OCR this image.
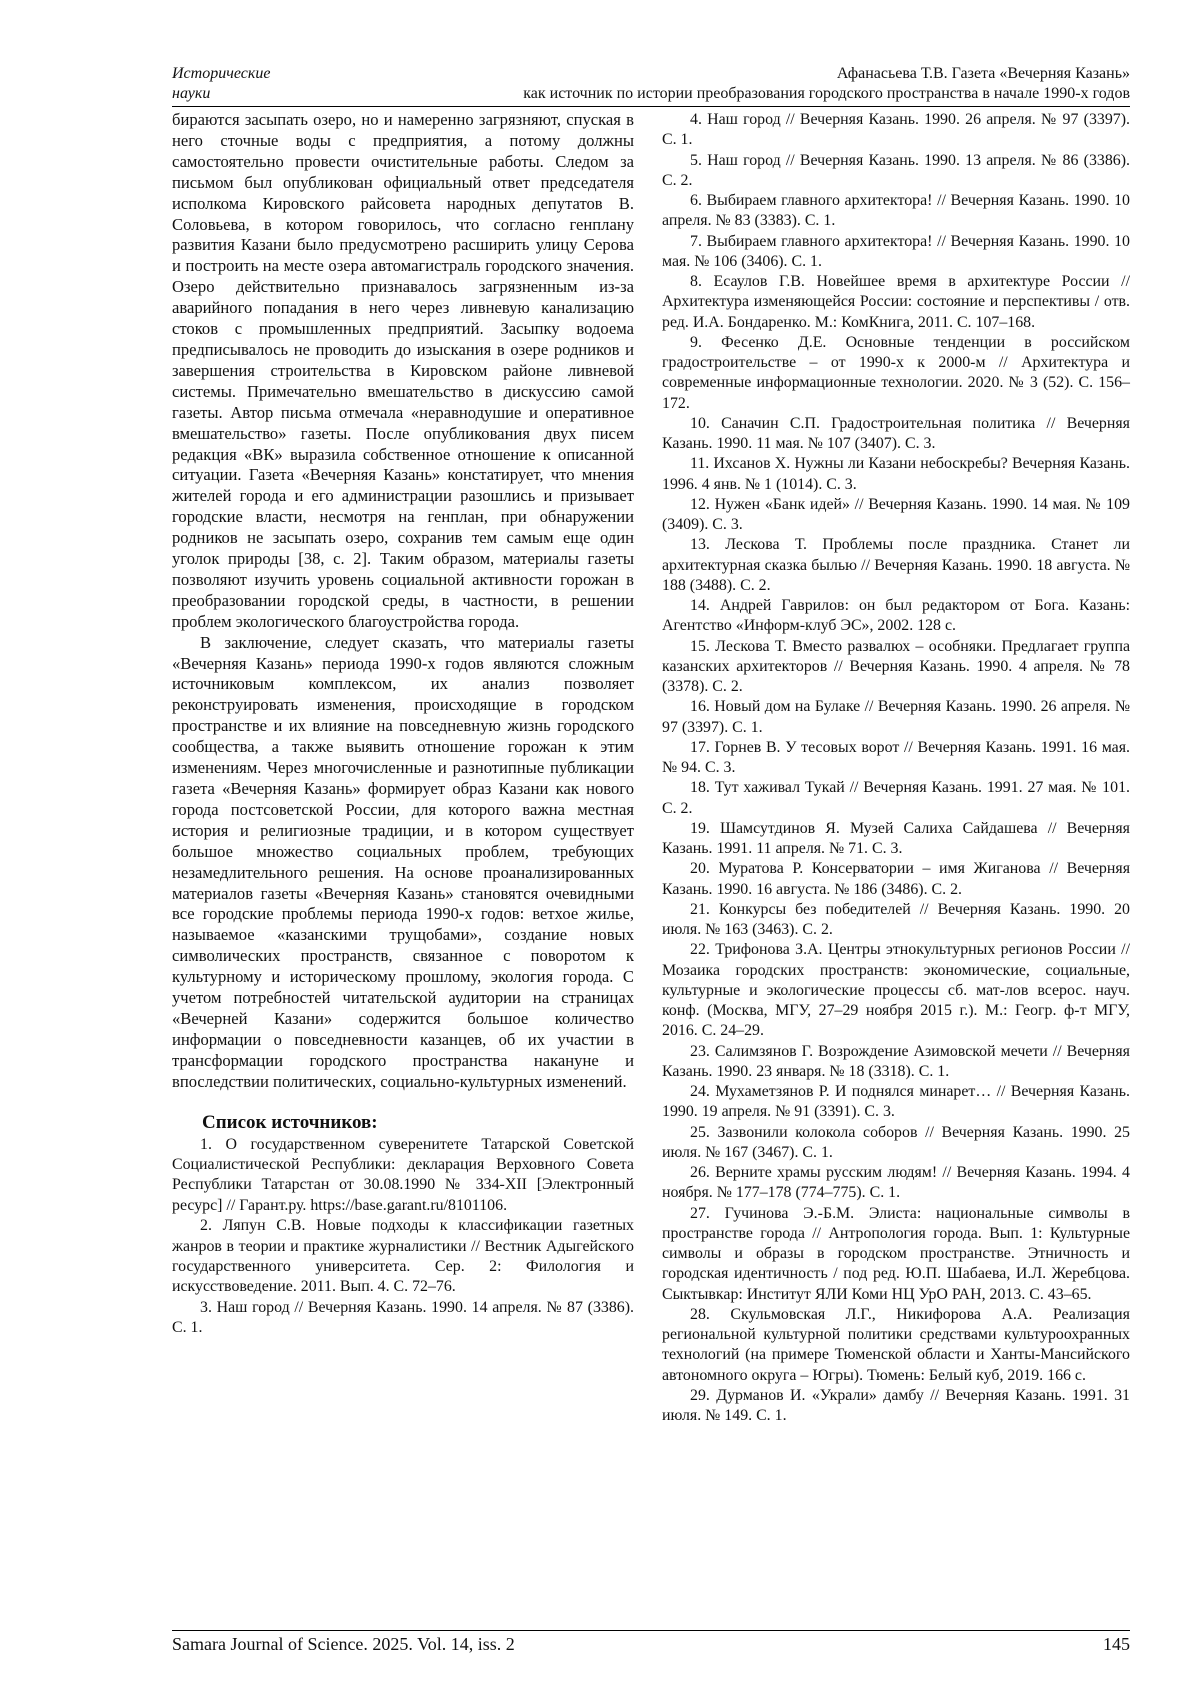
Исторические
науки
Афанасьева Т.В. Газета «Вечерняя Казань»
как источник по истории преобразования городского пространства в начале 1990-х годов

бираются засыпать озеро, но и намеренно загрязняют, спуская в него сточные воды с предприятия, а потому должны самостоятельно провести очистительные работы. Следом за письмом был опубликован официальный ответ председателя исполкома Кировского райсовета народных депутатов В. Соловьева, в котором говорилось, что согласно генплану развития Казани было предусмотрено расширить улицу Серова и построить на месте озера автомагистраль городского значения. Озеро действительно признавалось загрязненным из-за аварийного попадания в него через ливневую канализацию стоков с промышленных предприятий. Засыпку водоема предписывалось не проводить до изыскания в озере родников и завершения строительства в Кировском районе ливневой системы. Примечательно вмешательство в дискуссию самой газеты. Автор письма отмечала «неравнодушие и оперативное вмешательство» газеты. После опубликования двух писем редакция «ВК» выразила собственное отношение к описанной ситуации. Газета «Вечерняя Казань» констатирует, что мнения жителей города и его администрации разошлись и призывает городские власти, несмотря на генплан, при обнаружении родников не засыпать озеро, сохранив тем самым еще один уголок природы [38, с. 2]. Таким образом, материалы газеты позволяют изучить уровень социальной активности горожан в преобразовании городской среды, в частности, в решении проблем экологического благоустройства города.

В заключение, следует сказать, что материалы газеты «Вечерняя Казань» периода 1990-х годов являются сложным источниковым комплексом, их анализ позволяет реконструировать изменения, происходящие в городском пространстве и их влияние на повседневную жизнь городского сообщества, а также выявить отношение горожан к этим изменениям. Через многочисленные и разнотипные публикации газета «Вечерняя Казань» формирует образ Казани как нового города постсоветской России, для которого важна местная история и религиозные традиции, и в котором существует большое множество социальных проблем, требующих незамедлительного решения. На основе проанализированных материалов газеты «Вечерняя Казань» становятся очевидными все городские проблемы периода 1990-х годов: ветхое жилье, называемое «казанскими трущобами», создание новых символических пространств, связанное с поворотом к культурному и историческому прошлому, экология города. С учетом потребностей читательской аудитории на страницах «Вечерней Казани» содержится большое количество информации о повседневности казанцев, об их участии в трансформации городского пространства накануне и впоследствии политических, социально-культурных изменений.

Список источников:

1. О государственном суверенитете Татарской Советской Социалистической Республики: декларация Верховного Совета Республики Татарстан от 30.08.1990 № 334-XII [Электронный ресурс] // Гарант.ру. https://base.garant.ru/8101106.

2. Ляпун С.В. Новые подходы к классификации газетных жанров в теории и практике журналистики // Вестник Адыгейского государственного университета. Сер. 2: Филология и искусствоведение. 2011. Вып. 4. С. 72–76.

3. Наш город // Вечерняя Казань. 1990. 14 апреля. № 87 (3386). С. 1.

4. Наш город // Вечерняя Казань. 1990. 26 апреля. № 97 (3397). С. 1.

5. Наш город // Вечерняя Казань. 1990. 13 апреля. № 86 (3386). С. 2.

6. Выбираем главного архитектора! // Вечерняя Казань. 1990. 10 апреля. № 83 (3383). С. 1.

7. Выбираем главного архитектора! // Вечерняя Казань. 1990. 10 мая. № 106 (3406). С. 1.

8. Есаулов Г.В. Новейшее время в архитектуре России // Архитектура изменяющейся России: состояние и перспективы / отв. ред. И.А. Бондаренко. М.: КомКнига, 2011. С. 107–168.

9. Фесенко Д.Е. Основные тенденции в российском градостроительстве – от 1990-х к 2000-м // Архитектура и современные информационные технологии. 2020. № 3 (52). С. 156–172.

10. Саначин С.П. Градостроительная политика // Вечерняя Казань. 1990. 11 мая. № 107 (3407). С. 3.

11. Ихсанов Х. Нужны ли Казани небоскребы? Вечерняя Казань. 1996. 4 янв. № 1 (1014). С. 3.

12. Нужен «Банк идей» // Вечерняя Казань. 1990. 14 мая. № 109 (3409). С. 3.

13. Лескова Т. Проблемы после праздника. Станет ли архитектурная сказка былью // Вечерняя Казань. 1990. 18 августа. № 188 (3488). С. 2.

14. Андрей Гаврилов: он был редактором от Бога. Казань: Агентство «Информ-клуб ЭС», 2002. 128 с.

15. Лескова Т. Вместо развалюх – особняки. Предлагает группа казанских архитекторов // Вечерняя Казань. 1990. 4 апреля. № 78 (3378). С. 2.

16. Новый дом на Булаке // Вечерняя Казань. 1990. 26 апреля. № 97 (3397). С. 1.

17. Горнев В. У тесовых ворот // Вечерняя Казань. 1991. 16 мая. № 94. С. 3.

18. Тут хаживал Тукай // Вечерняя Казань. 1991. 27 мая. № 101. С. 2.

19. Шамсутдинов Я. Музей Салиха Сайдашева // Вечерняя Казань. 1991. 11 апреля. № 71. С. 3.

20. Муратова Р. Консерватории – имя Жиганова // Вечерняя Казань. 1990. 16 августа. № 186 (3486). С. 2.

21. Конкурсы без победителей // Вечерняя Казань. 1990. 20 июля. № 163 (3463). С. 2.

22. Трифонова З.А. Центры этнокультурных регионов России // Мозаика городских пространств: экономические, социальные, культурные и экологические процессы сб. мат-лов всерос. науч. конф. (Москва, МГУ, 27–29 ноября 2015 г.). М.: Геогр. ф-т МГУ, 2016. С. 24–29.

23. Салимзянов Г. Возрождение Азимовской мечети // Вечерняя Казань. 1990. 23 января. № 18 (3318). С. 1.

24. Мухаметзянов Р. И поднялся минарет… // Вечерняя Казань. 1990. 19 апреля. № 91 (3391). С. 3.

25. Зазвонили колокола соборов // Вечерняя Казань. 1990. 25 июля. № 167 (3467). С. 1.

26. Верните храмы русским людям! // Вечерняя Казань. 1994. 4 ноября. № 177–178 (774–775). С. 1.

27. Гучинова Э.-Б.М. Элиста: национальные символы в пространстве города // Антропология города. Вып. 1: Культурные символы и образы в городском пространстве. Этничность и городская идентичность / под ред. Ю.П. Шабаева, И.Л. Жеребцова. Сыктывкар: Институт ЯЛИ Коми НЦ УрО РАН, 2013. С. 43–65.

28. Скульмовская Л.Г., Никифорова А.А. Реализация региональной культурной политики средствами культуроохранных технологий (на примере Тюменской области и Ханты-Мансийского автономного округа – Югры). Тюмень: Белый куб, 2019. 166 с.

29. Дурманов И. «Украли» дамбу // Вечерняя Казань. 1991. 31 июля. № 149. С. 1.

Samara Journal of Science. 2025. Vol. 14, iss. 2	145
